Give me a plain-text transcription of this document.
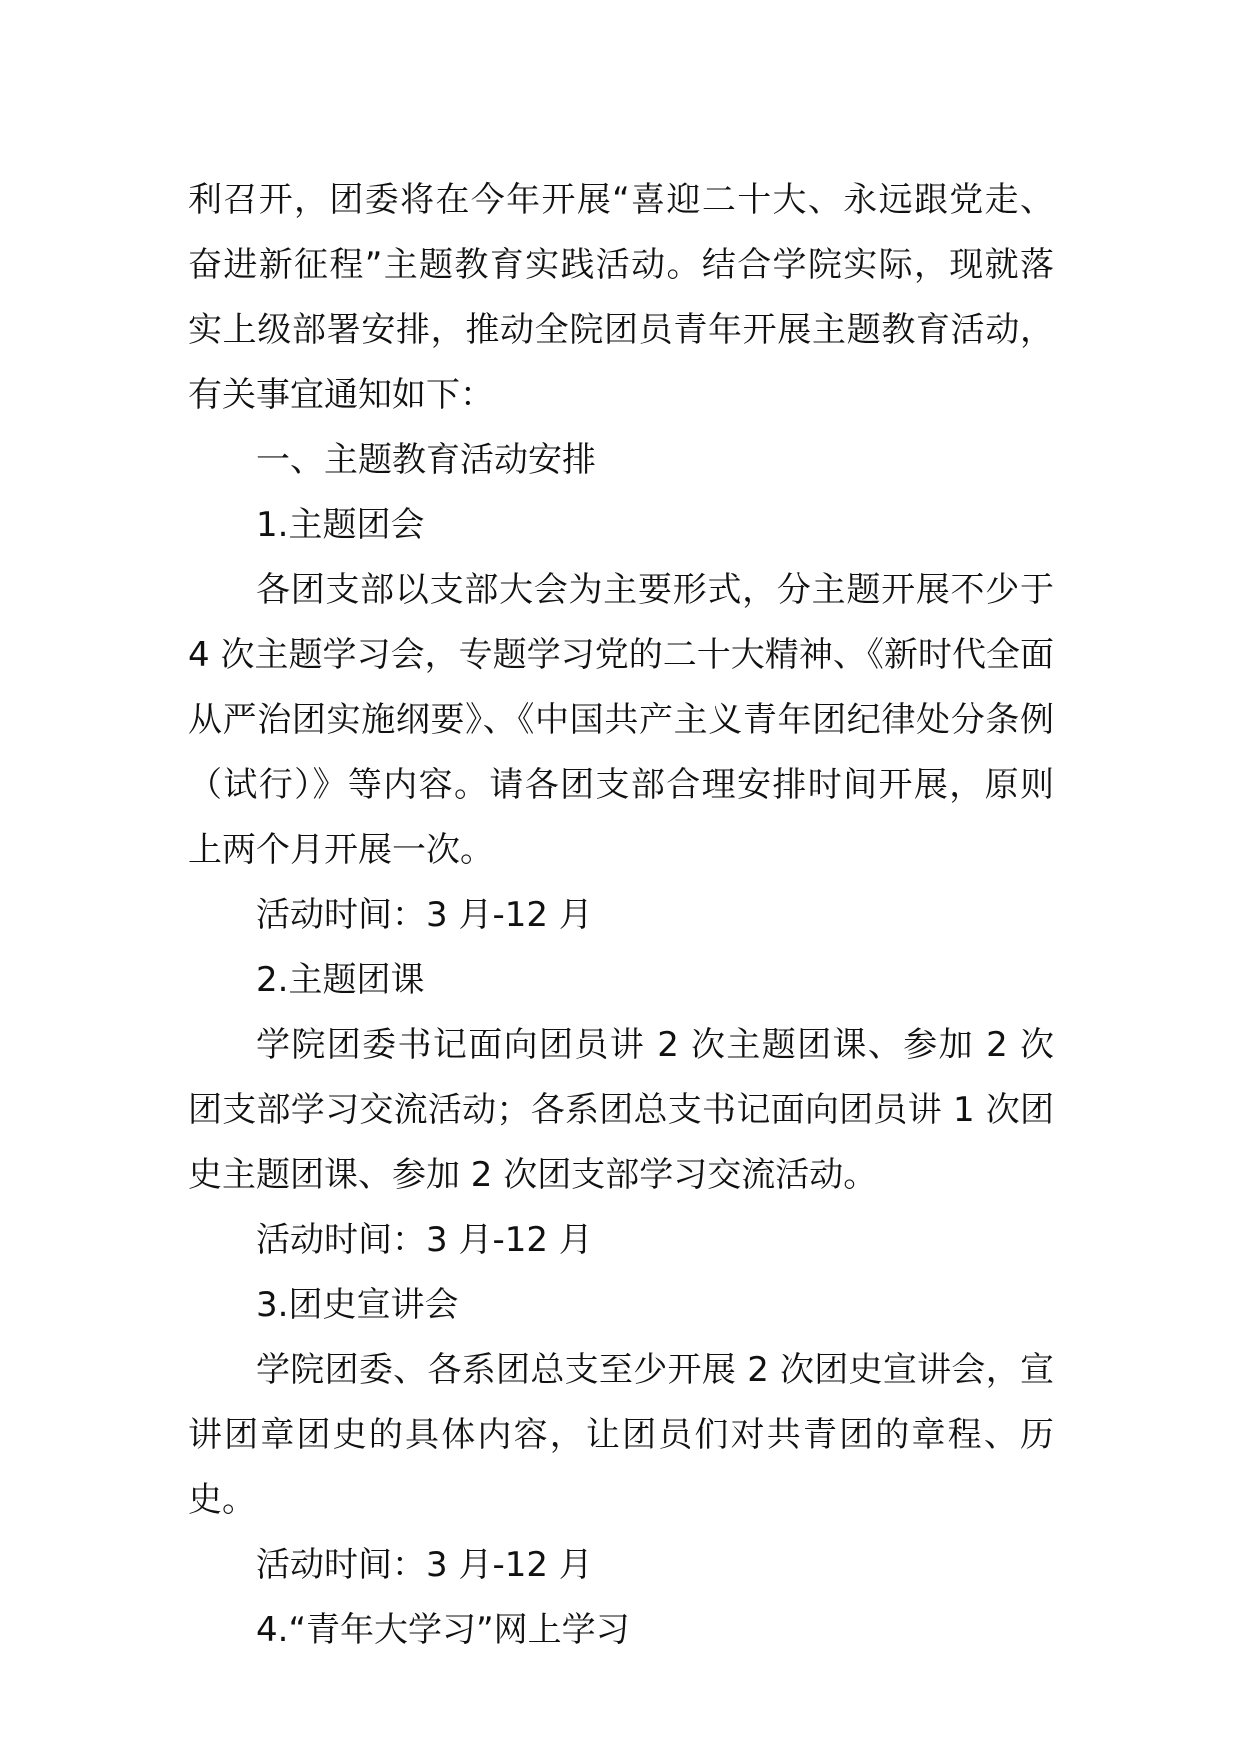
利召开，团委将在今年开展“喜迎二十大、永远跟党走、奋进新征程”主题教育实践活动。结合学院实际，现就落实上级部署安排，推动全院团员青年开展主题教育活动，有关事宜通知如下：

一、主题教育活动安排

1.主题团会

各团支部以支部大会为主要形式，分主题开展不少于 4 次主题学习会，专题学习党的二十大精神、《新时代全面从严治团实施纲要》、《中国共产主义青年团纪律处分条例（试行）》等内容。请各团支部合理安排时间开展，原则上两个月开展一次。

活动时间：3 月-12 月

2.主题团课

学院团委书记面向团员讲 2 次主题团课、参加 2 次团支部学习交流活动；各系团总支书记面向团员讲 1 次团史主题团课、参加 2 次团支部学习交流活动。

活动时间：3 月-12 月

3.团史宣讲会

学院团委、各系团总支至少开展 2 次团史宣讲会，宣讲团章团史的具体内容，让团员们对共青团的章程、历史。

活动时间：3 月-12 月

4.“青年大学习”网上学习
